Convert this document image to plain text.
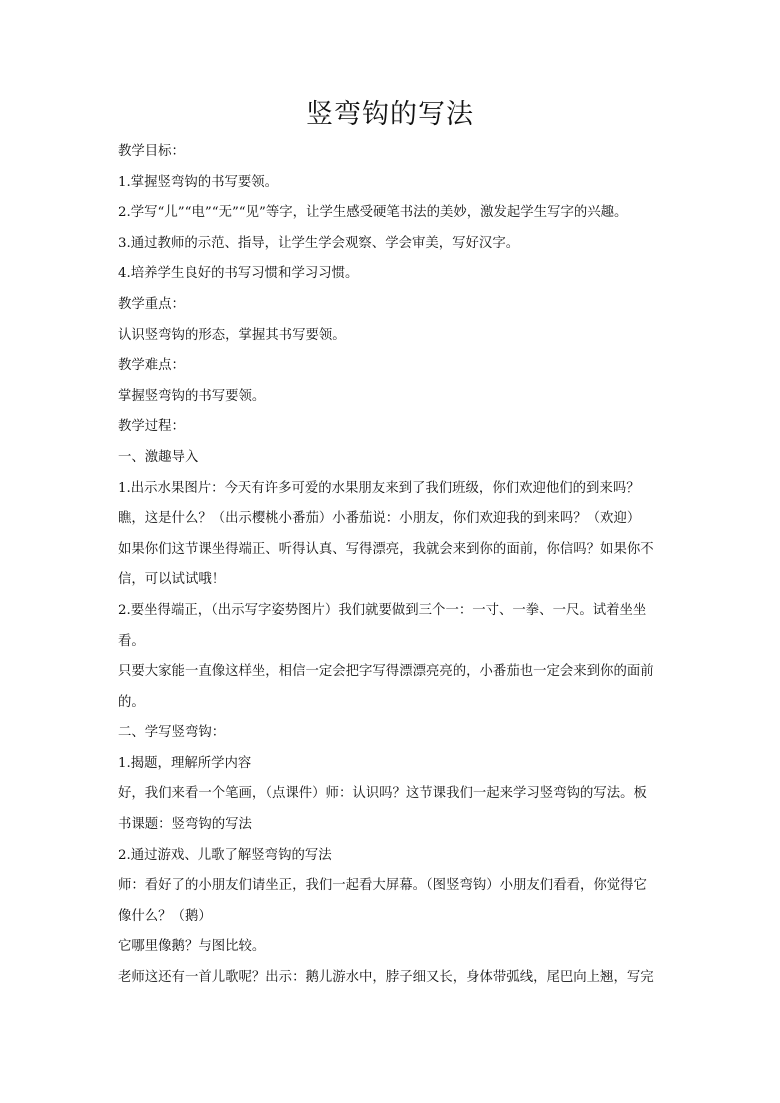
竖弯钩的写法
教学目标：
1.掌握竖弯钩的书写要领。
2.学写“儿”“电”“无”“见”等字，让学生感受硬笔书法的美妙，激发起学生写字的兴趣。
3.通过教师的示范、指导，让学生学会观察、学会审美，写好汉字。
4.培养学生良好的书写习惯和学习习惯。
教学重点：
认识竖弯钩的形态，掌握其书写要领。
教学难点：
掌握竖弯钩的书写要领。
教学过程：
一、激趣导入
1.出示水果图片：今天有许多可爱的水果朋友来到了我们班级，你们欢迎他们的到来吗？
瞧，这是什么？（出示樱桃小番茄）小番茄说：小朋友，你们欢迎我的到来吗？（欢迎）
如果你们这节课坐得端正、听得认真、写得漂亮，我就会来到你的面前，你信吗？如果你不
信，可以试试哦！
2.要坐得端正，（出示写字姿势图片）我们就要做到三个一：一寸、一拳、一尺。试着坐坐
看。
只要大家能一直像这样坐，相信一定会把字写得漂漂亮亮的，小番茄也一定会来到你的面前
的。
二、学写竖弯钩：
1.揭题，理解所学内容
好，我们来看一个笔画，（点课件）师：认识吗？这节课我们一起来学习竖弯钩的写法。板
书课题：竖弯钩的写法
2.通过游戏、儿歌了解竖弯钩的写法
师：看好了的小朋友们请坐正，我们一起看大屏幕。（图竖弯钩）小朋友们看看，你觉得它
像什么？（鹅）
它哪里像鹅？与图比较。
老师这还有一首儿歌呢？出示：鹅儿游水中，脖子细又长，身体带弧线，尾巴向上翘，写完
